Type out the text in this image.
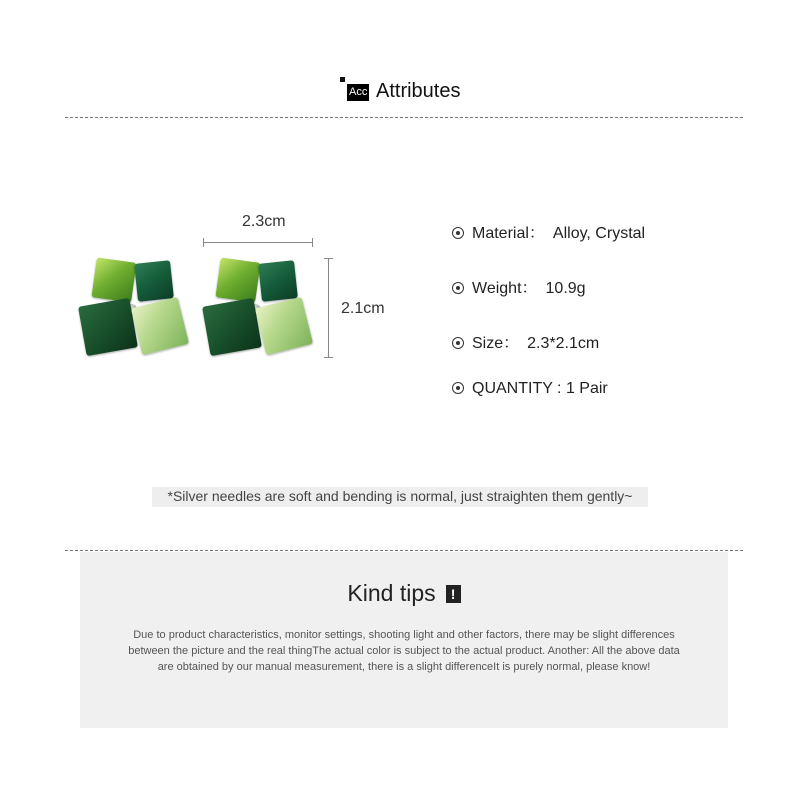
Acc Attributes
2.3cm
2.1cm
Material： Alloy, Crystal
Weight： 10.9g
Size： 2.3*2.1cm
QUANTITY : 1 Pair
*Silver needles are soft and bending is normal, just straighten them gently~
Kind tips !
Due to product characteristics, monitor settings, shooting light and other factors, there may be slight differences between the picture and the real thingThe actual color is subject to the actual product. Another: All the above data are obtained by our manual measurement, there is a slight differenceIt is purely normal, please know!
